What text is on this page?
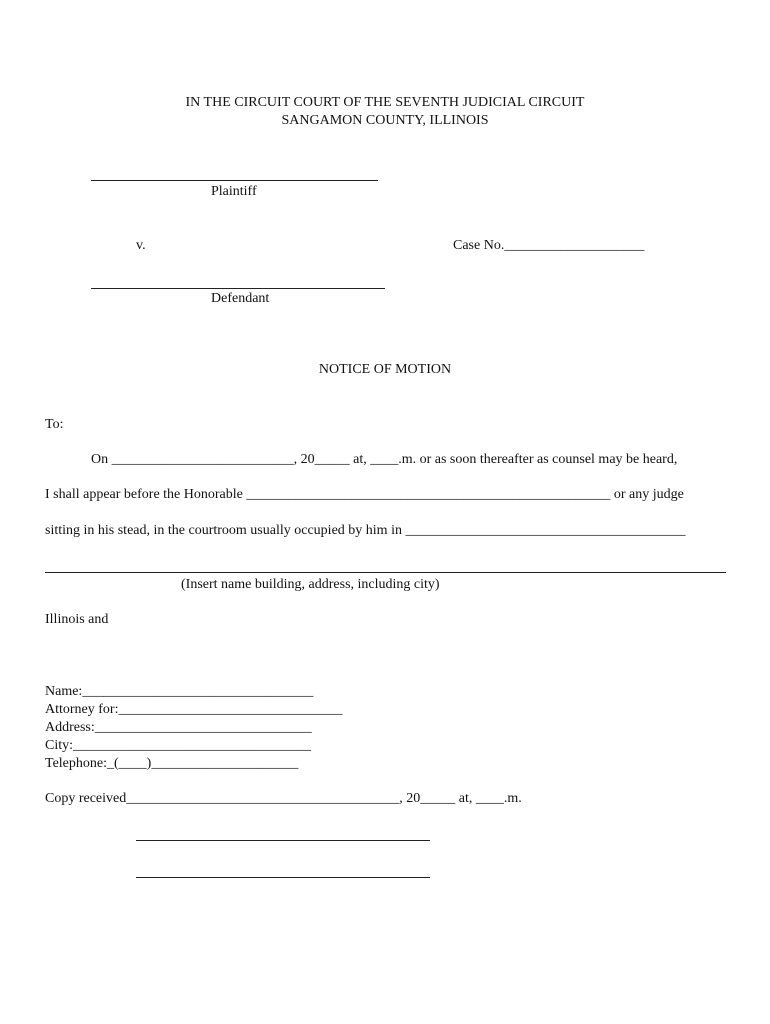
IN THE CIRCUIT COURT OF THE SEVENTH JUDICIAL CIRCUIT
SANGAMON COUNTY, ILLINOIS
Plaintiff
v.	Case No.____________________
Defendant
NOTICE OF MOTION
To:
On __________________________, 20_____ at, ____.m. or as soon thereafter as counsel may be heard,
I shall appear before the Honorable ____________________________________________________ or any judge
sitting in his stead, in the courtroom usually occupied by him in ________________________________________
(Insert name building, address, including city)
Illinois and
Name:_________________________________
Attorney for:________________________________
Address:_______________________________
City:__________________________________
Telephone:_(____)_____________________
Copy received_______________________________________, 20_____ at, ____.m.
